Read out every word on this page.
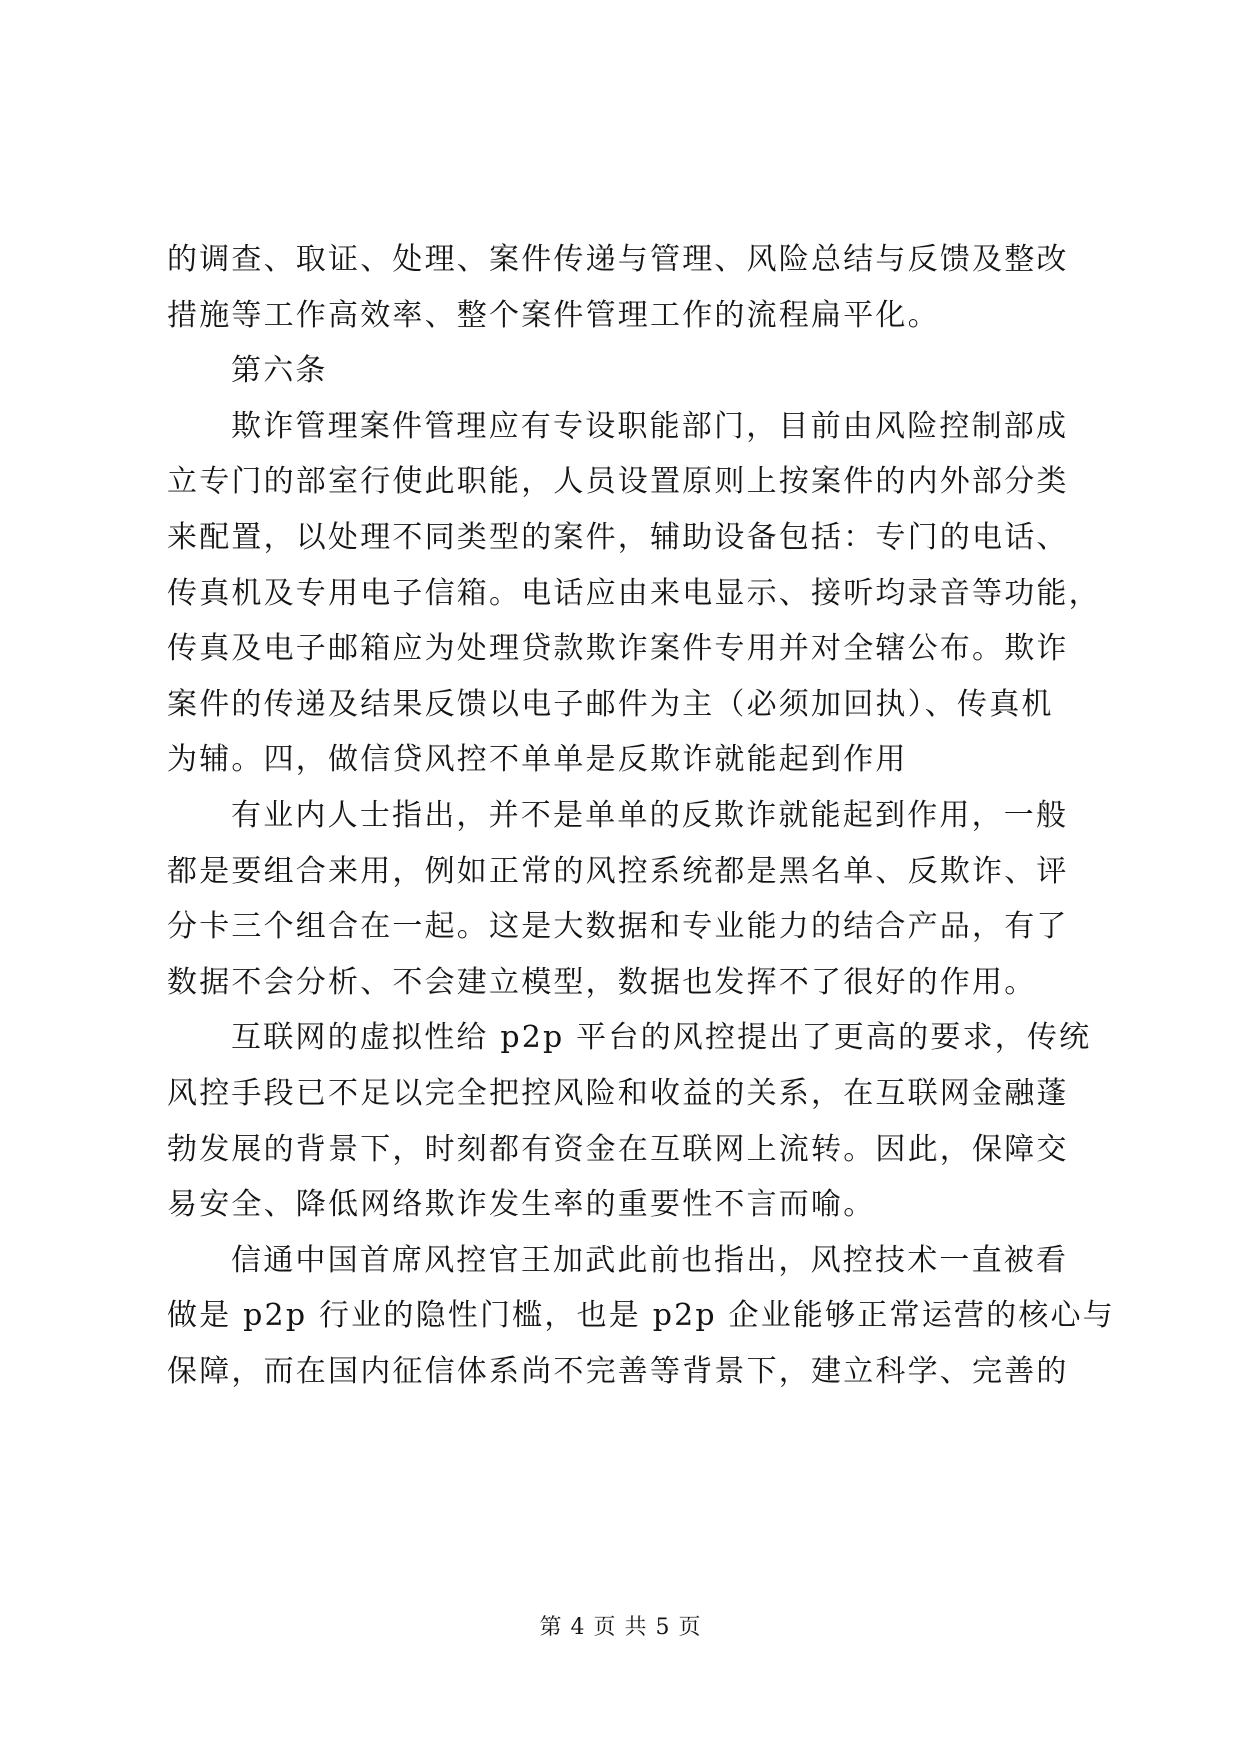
的调查、取证、处理、案件传递与管理、风险总结与反馈及整改
措施等工作高效率、整个案件管理工作的流程扁平化。
第六条
欺诈管理案件管理应有专设职能部门，目前由风险控制部成
立专门的部室行使此职能，人员设置原则上按案件的内外部分类
来配置，以处理不同类型的案件，辅助设备包括：专门的电话、
传真机及专用电子信箱。电话应由来电显示、接听均录音等功能，
传真及电子邮箱应为处理贷款欺诈案件专用并对全辖公布。欺诈
案件的传递及结果反馈以电子邮件为主（必须加回执）、传真机
为辅。四，做信贷风控不单单是反欺诈就能起到作用
有业内人士指出，并不是单单的反欺诈就能起到作用，一般
都是要组合来用，例如正常的风控系统都是黑名单、反欺诈、评
分卡三个组合在一起。这是大数据和专业能力的结合产品，有了
数据不会分析、不会建立模型，数据也发挥不了很好的作用。
互联网的虚拟性给 p2p 平台的风控提出了更高的要求，传统
风控手段已不足以完全把控风险和收益的关系，在互联网金融蓬
勃发展的背景下，时刻都有资金在互联网上流转。因此，保障交
易安全、降低网络欺诈发生率的重要性不言而喻。
信通中国首席风控官王加武此前也指出，风控技术一直被看
做是 p2p 行业的隐性门槛，也是 p2p 企业能够正常运营的核心与
保障，而在国内征信体系尚不完善等背景下，建立科学、完善的
第 4 页 共 5 页
